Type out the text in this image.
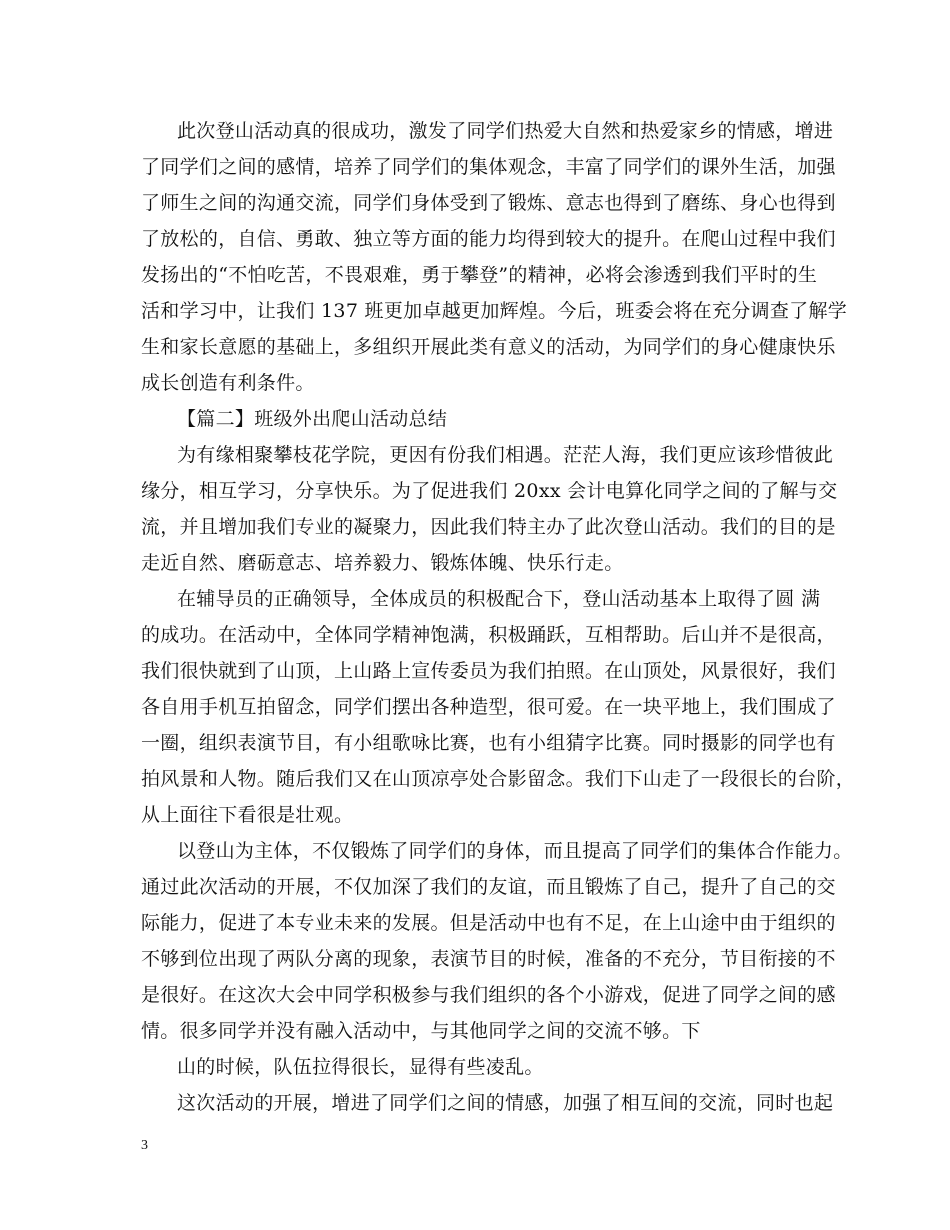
此次登山活动真的很成功，激发了同学们热爱大自然和热爱家乡的情感，增进
了同学们之间的感情，培养了同学们的集体观念，丰富了同学们的课外生活，加强
了师生之间的沟通交流，同学们身体受到了锻炼、意志也得到了磨练、身心也得到
了放松的，自信、勇敢、独立等方面的能力均得到较大的提升。在爬山过程中我们
发扬出的“不怕吃苦，不畏艰难，勇于攀登”的精神，必将会渗透到我们平时的生
活和学习中，让我们 137 班更加卓越更加辉煌。今后，班委会将在充分调查了解学
生和家长意愿的基础上，多组织开展此类有意义的活动，为同学们的身心健康快乐
成长创造有利条件。
【篇二】班级外出爬山活动总结
为有缘相聚攀枝花学院，更因有份我们相遇。茫茫人海，我们更应该珍惜彼此
缘分，相互学习，分享快乐。为了促进我们 20xx 会计电算化同学之间的了解与交
流，并且增加我们专业的凝聚力，因此我们特主办了此次登山活动。我们的目的是
走近自然、磨砺意志、培养毅力、锻炼体魄、快乐行走。
在辅导员的正确领导，全体成员的积极配合下，登山活动基本上取得了圆 满
的成功。在活动中，全体同学精神饱满，积极踊跃，互相帮助。后山并不是很高，
我们很快就到了山顶，上山路上宣传委员为我们拍照。在山顶处，风景很好，我们
各自用手机互拍留念，同学们摆出各种造型，很可爱。在一块平地上，我们围成了
一圈，组织表演节目，有小组歌咏比赛，也有小组猜字比赛。同时摄影的同学也有
拍风景和人物。随后我们又在山顶凉亭处合影留念。我们下山走了一段很长的台阶，
从上面往下看很是壮观。
以登山为主体，不仅锻炼了同学们的身体，而且提高了同学们的集体合作能力。
通过此次活动的开展，不仅加深了我们的友谊，而且锻炼了自己，提升了自己的交
际能力，促进了本专业未来的发展。但是活动中也有不足，在上山途中由于组织的
不够到位出现了两队分离的现象，表演节目的时候，准备的不充分，节目衔接的不
是很好。在这次大会中同学积极参与我们组织的各个小游戏，促进了同学之间的感
情。很多同学并没有融入活动中，与其他同学之间的交流不够。下
山的时候，队伍拉得很长，显得有些凌乱。
这次活动的开展，增进了同学们之间的情感，加强了相互间的交流，同时也起
3
